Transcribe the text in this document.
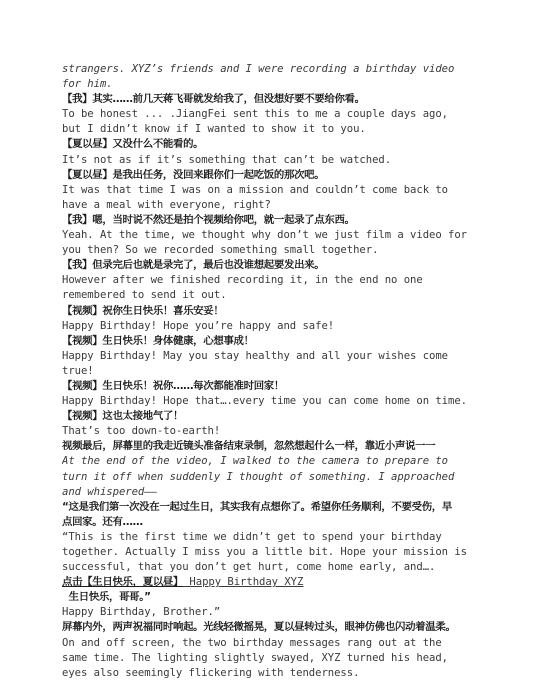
strangers. XYZ’s friends and I were recording a birthday video
for him.
【我】其实……前几天蒋飞哥就发给我了，但没想好要不要给你看。
To be honest ... .JiangFei sent this to me a couple days ago,
but I didn’t know if I wanted to show it to you.
【夏以昼】又没什么不能看的。
It’s not as if it’s something that can’t be watched.
【夏以昼】是我出任务，没回来跟你们一起吃饭的那次吧。
It was that time I was on a mission and couldn’t come back to
have a meal with everyone, right?
【我】嗯，当时说不然还是拍个视频给你吧，就一起录了点东西。
Yeah. At the time, we thought why don’t we just film a video for
you then? So we recorded something small together.
【我】但录完后也就是录完了，最后也没谁想起要发出来。
However after we finished recording it, in the end no one
remembered to send it out.
【视频】祝你生日快乐！喜乐安妥！
Happy Birthday! Hope you’re happy and safe!
【视频】生日快乐！身体健康，心想事成！
Happy Birthday! May you stay healthy and all your wishes come
true!
【视频】生日快乐！祝你……每次都能准时回家！
Happy Birthday! Hope that….every time you can come home on time.
【视频】这也太接地气了！
That’s too down-to-earth!
视频最后，屏幕里的我走近镜头准备结束录制，忽然想起什么一样，靠近小声说一一
At the end of the video, I walked to the camera to prepare to
turn it off when suddenly I thought of something. I approached
and whispered——
“这是我们第一次没在一起过生日，其实我有点想你了。希望你任务顺利，不要受伤，早
点回家。还有……
“This is the first time we didn’t get to spend your birthday
together. Actually I miss you a little bit. Hope your mission is
successful, that you don’t get hurt, come home early, and….
点击【生日快乐，夏以昼】 Happy Birthday XYZ
生日快乐，哥哥。”
Happy Birthday, Brother.”
屏幕内外，两声祝福同时响起。光线轻微摇晃，夏以昼转过头，眼神仿佛也闪动着温柔。
On and off screen, the two birthday messages rang out at the
same time. The lighting slightly swayed, XYZ turned his head,
eyes also seemingly flickering with tenderness.
